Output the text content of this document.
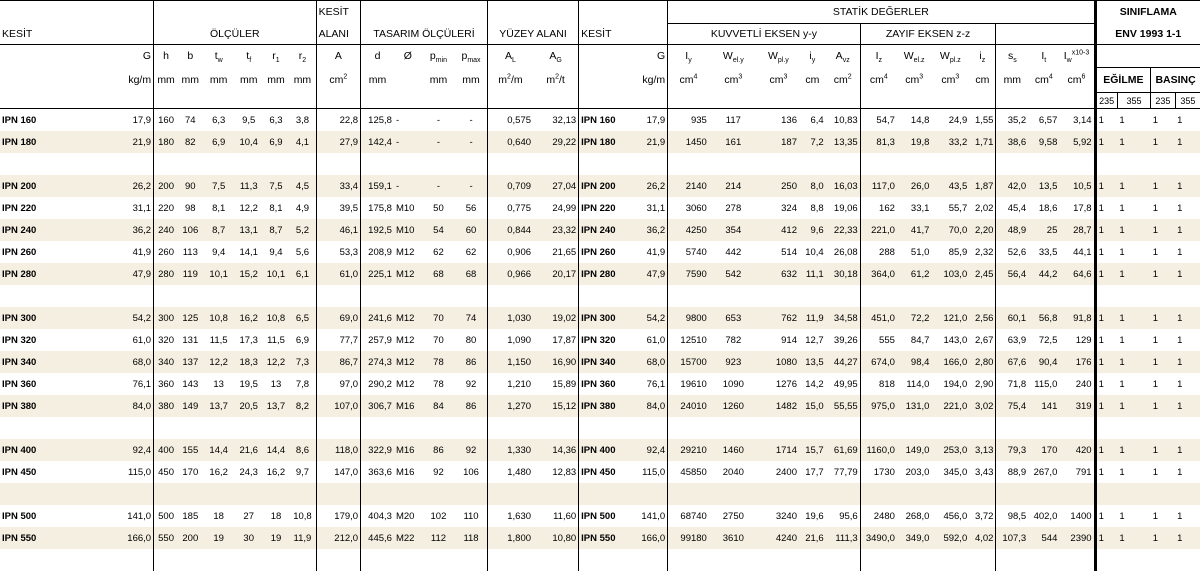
								KESİT									STATİK DEĞERLER												SINIFLAMA			
KESİT		ÖLÇÜLER						ALANI	TASARIM ÖLÇÜLERİ				YÜZEY ALANI		KESİT		KUVVETLİ EKSEN y-y					ZAYIF EKSEN z-z							ENV 1993 1-1			
	G	h	b	$t_w$	$t_f$	$r_1$	$r_2$	A	d	Ø	$p_{min}$	$p_{max}$	$A_L$	$A_G$		G	$I_y$	$W_{el.y}$	$W_{pl.y}$	$i_y$	$A_{vz}$	$I_z$	$W_{el.z}$	$W_{pl.z}$	$i_z$	$s_s$	$I_t$	$I_w^{x10-3}$	
	kg/m	mm	mm	mm	mm	mm	mm	$cm^2$	mm		mm	mm	$m^2/m$	$m^2/t$		kg/m	$cm^4$	$cm^3$	$cm^3$	cm	$cm^2$	$cm^4$	$cm^3$	$cm^3$	cm	mm	$cm^4$	$cm^6$	EĞİLME		BASINÇ	
																													235	355	235	355
IPN 160	17,9	160	74	6,3	9,5	6,3	3,8	22,8	125,8	-	-	-	0,575	32,13	IPN 160	17,9	935	117	136	6,4	10,83	54,7	14,8	24,9	1,55	35,2	6,57	3,14	1	1	1	1
IPN 180	21,9	180	82	6,9	10,4	6,9	4,1	27,9	142,4	-	-	-	0,640	29,22	IPN 180	21,9	1450	161	187	7,2	13,35	81,3	19,8	33,2	1,71	38,6	9,58	5,92	1	1	1	1

IPN 200	26,2	200	90	7,5	11,3	7,5	4,5	33,4	159,1	-	-	-	0,709	27,04	IPN 200	26,2	2140	214	250	8,0	16,03	117,0	26,0	43,5	1,87	42,0	13,5	10,5	1	1	1	1
IPN 220	31,1	220	98	8,1	12,2	8,1	4,9	39,5	175,8	M10	50	56	0,775	24,99	IPN 220	31,1	3060	278	324	8,8	19,06	162	33,1	55,7	2,02	45,4	18,6	17,8	1	1	1	1
IPN 240	36,2	240	106	8,7	13,1	8,7	5,2	46,1	192,5	M10	54	60	0,844	23,32	IPN 240	36,2	4250	354	412	9,6	22,33	221,0	41,7	70,0	2,20	48,9	25	28,7	1	1	1	1
IPN 260	41,9	260	113	9,4	14,1	9,4	5,6	53,3	208,9	M12	62	62	0,906	21,65	IPN 260	41,9	5740	442	514	10,4	26,08	288	51,0	85,9	2,32	52,6	33,5	44,1	1	1	1	1
IPN 280	47,9	280	119	10,1	15,2	10,1	6,1	61,0	225,1	M12	68	68	0,966	20,17	IPN 280	47,9	7590	542	632	11,1	30,18	364,0	61,2	103,0	2,45	56,4	44,2	64,6	1	1	1	1

IPN 300	54,2	300	125	10,8	16,2	10,8	6,5	69,0	241,6	M12	70	74	1,030	19,02	IPN 300	54,2	9800	653	762	11,9	34,58	451,0	72,2	121,0	2,56	60,1	56,8	91,8	1	1	1	1
IPN 320	61,0	320	131	11,5	17,3	11,5	6,9	77,7	257,9	M12	70	80	1,090	17,87	IPN 320	61,0	12510	782	914	12,7	39,26	555	84,7	143,0	2,67	63,9	72,5	129	1	1	1	1
IPN 340	68,0	340	137	12,2	18,3	12,2	7,3	86,7	274,3	M12	78	86	1,150	16,90	IPN 340	68,0	15700	923	1080	13,5	44,27	674,0	98,4	166,0	2,80	67,6	90,4	176	1	1	1	1
IPN 360	76,1	360	143	13	19,5	13	7,8	97,0	290,2	M12	78	92	1,210	15,89	IPN 360	76,1	19610	1090	1276	14,2	49,95	818	114,0	194,0	2,90	71,8	115,0	240	1	1	1	1
IPN 380	84,0	380	149	13,7	20,5	13,7	8,2	107,0	306,7	M16	84	86	1,270	15,12	IPN 380	84,0	24010	1260	1482	15,0	55,55	975,0	131,0	221,0	3,02	75,4	141	319	1	1	1	1

IPN 400	92,4	400	155	14,4	21,6	14,4	8,6	118,0	322,9	M16	86	92	1,330	14,36	IPN 400	92,4	29210	1460	1714	15,7	61,69	1160,0	149,0	253,0	3,13	79,3	170	420	1	1	1	1
IPN 450	115,0	450	170	16,2	24,3	16,2	9,7	147,0	363,6	M16	92	106	1,480	12,83	IPN 450	115,0	45850	2040	2400	17,7	77,79	1730	203,0	345,0	3,43	88,9	267,0	791	1	1	1	1

IPN 500	141,0	500	185	18	27	18	10,8	179,0	404,3	M20	102	110	1,630	11,60	IPN 500	141,0	68740	2750	3240	19,6	95,6	2480	268,0	456,0	3,72	98,5	402,0	1400	1	1	1	1
IPN 550	166,0	550	200	19	30	19	11,9	212,0	445,6	M22	112	118	1,800	10,80	IPN 550	166,0	99180	3610	4240	21,6	111,3	3490,0	349,0	592,0	4,02	107,3	544	2390	1	1	1	1
